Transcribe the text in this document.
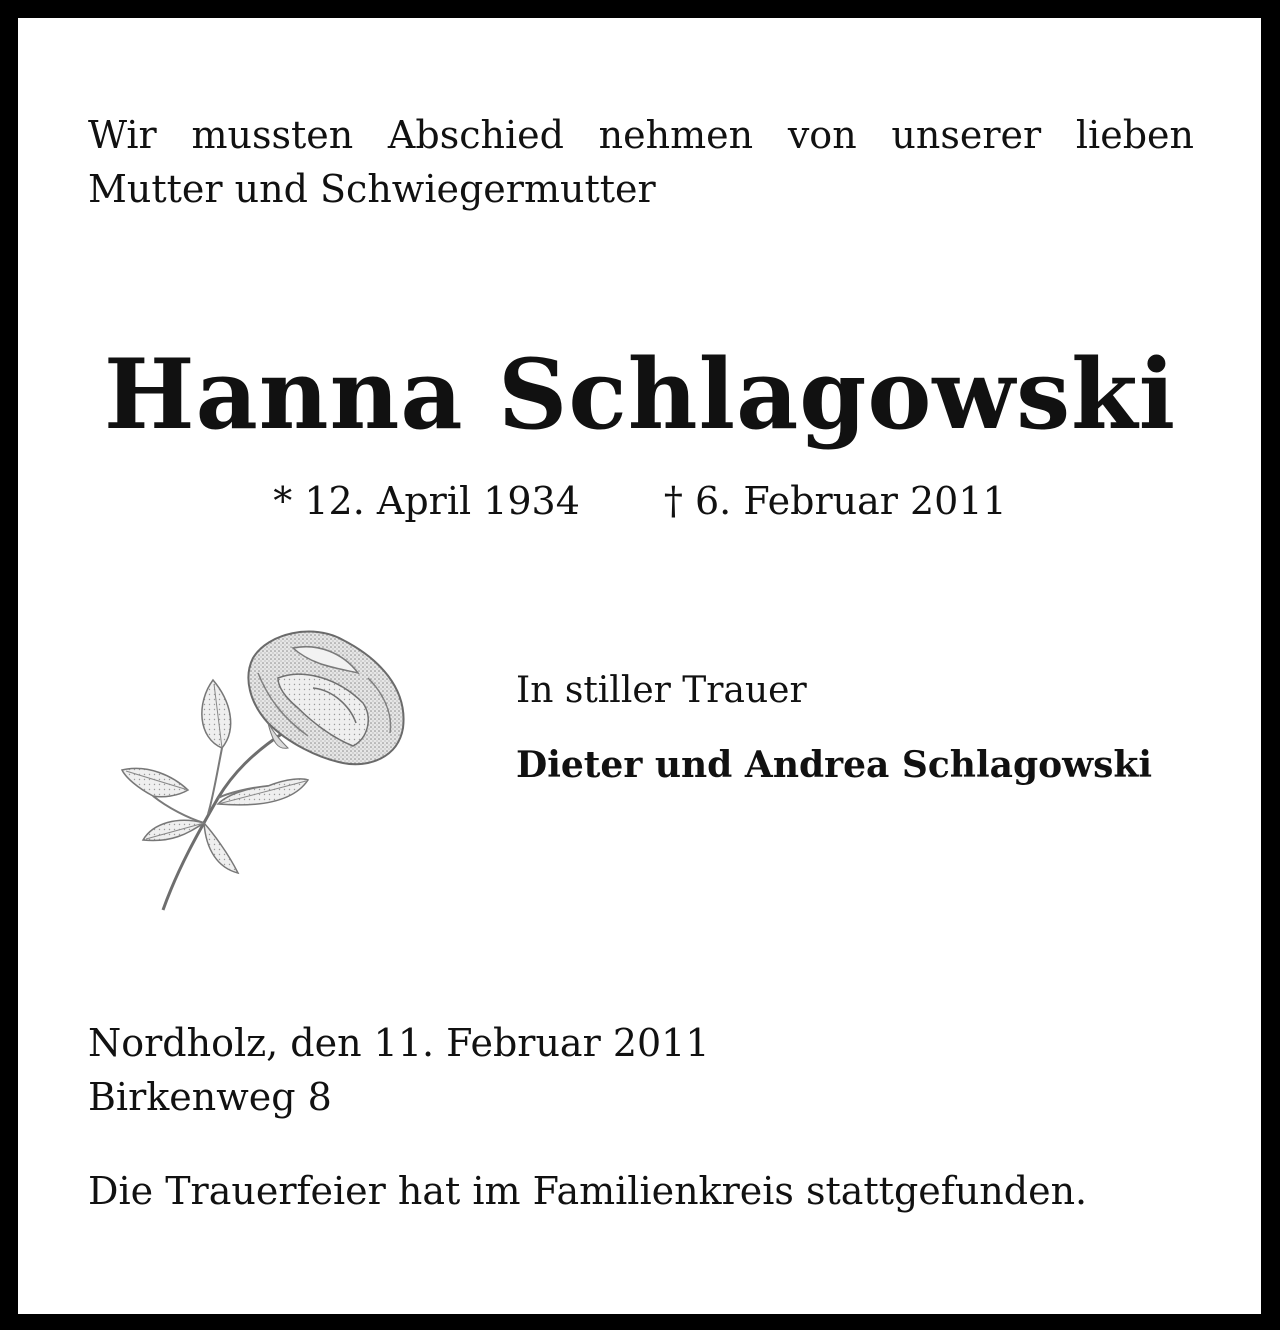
Wir mussten Abschied nehmen von unserer lieben
Mutter und Schwiegermutter

Hanna Schlagowski
* 12. April 1934 † 6. Februar 2011
In stiller Trauer
Dieter und Andrea Schlagowski
Nordholz, den 11. Februar 2011
Birkenweg 8
Die Trauerfeier hat im Familienkreis stattgefunden.
